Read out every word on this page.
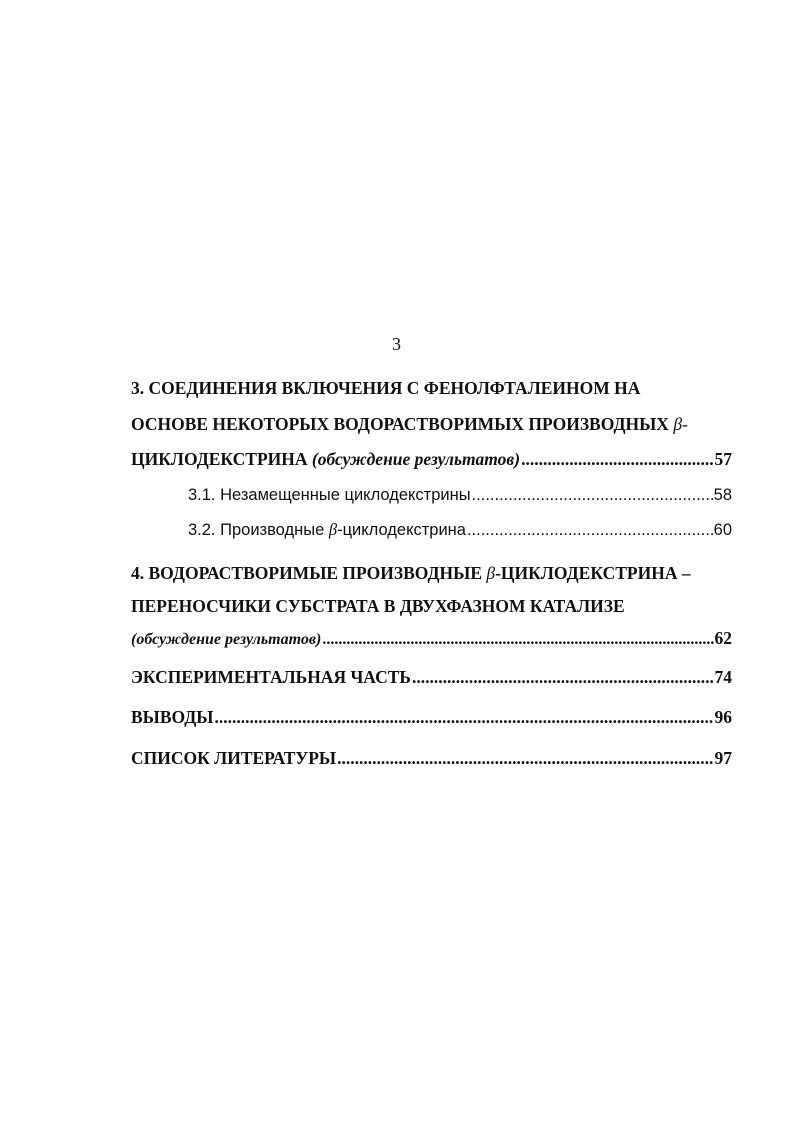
3
3. СОЕДИНЕНИЯ ВКЛЮЧЕНИЯ С ФЕНОЛФТАЛЕИНОМ НА
ОСНОВЕ НЕКОТОРЫХ ВОДОРАСТВОРИМЫХ ПРОИЗВОДНЫХ β-
ЦИКЛОДЕКСТРИНА
(обсуждение результатов) .....	57
3.1. Незамещенные циклодекстрины .....	58
3.2. Производные β-циклодекстрина .....	60
4. ВОДОРАСТВОРИМЫЕ ПРОИЗВОДНЫЕ β-ЦИКЛОДЕКСТРИНА –
ПЕРЕНОСЧИКИ СУБСТРАТА В ДВУХФАЗНОМ КАТАЛИЗЕ
(обсуждение результатов) .....	62
ЭКСПЕРИМЕНТАЛЬНАЯ ЧАСТЬ .....	74
ВЫВОДЫ .....	96
СПИСОК ЛИТЕРАТУРЫ .....	97
